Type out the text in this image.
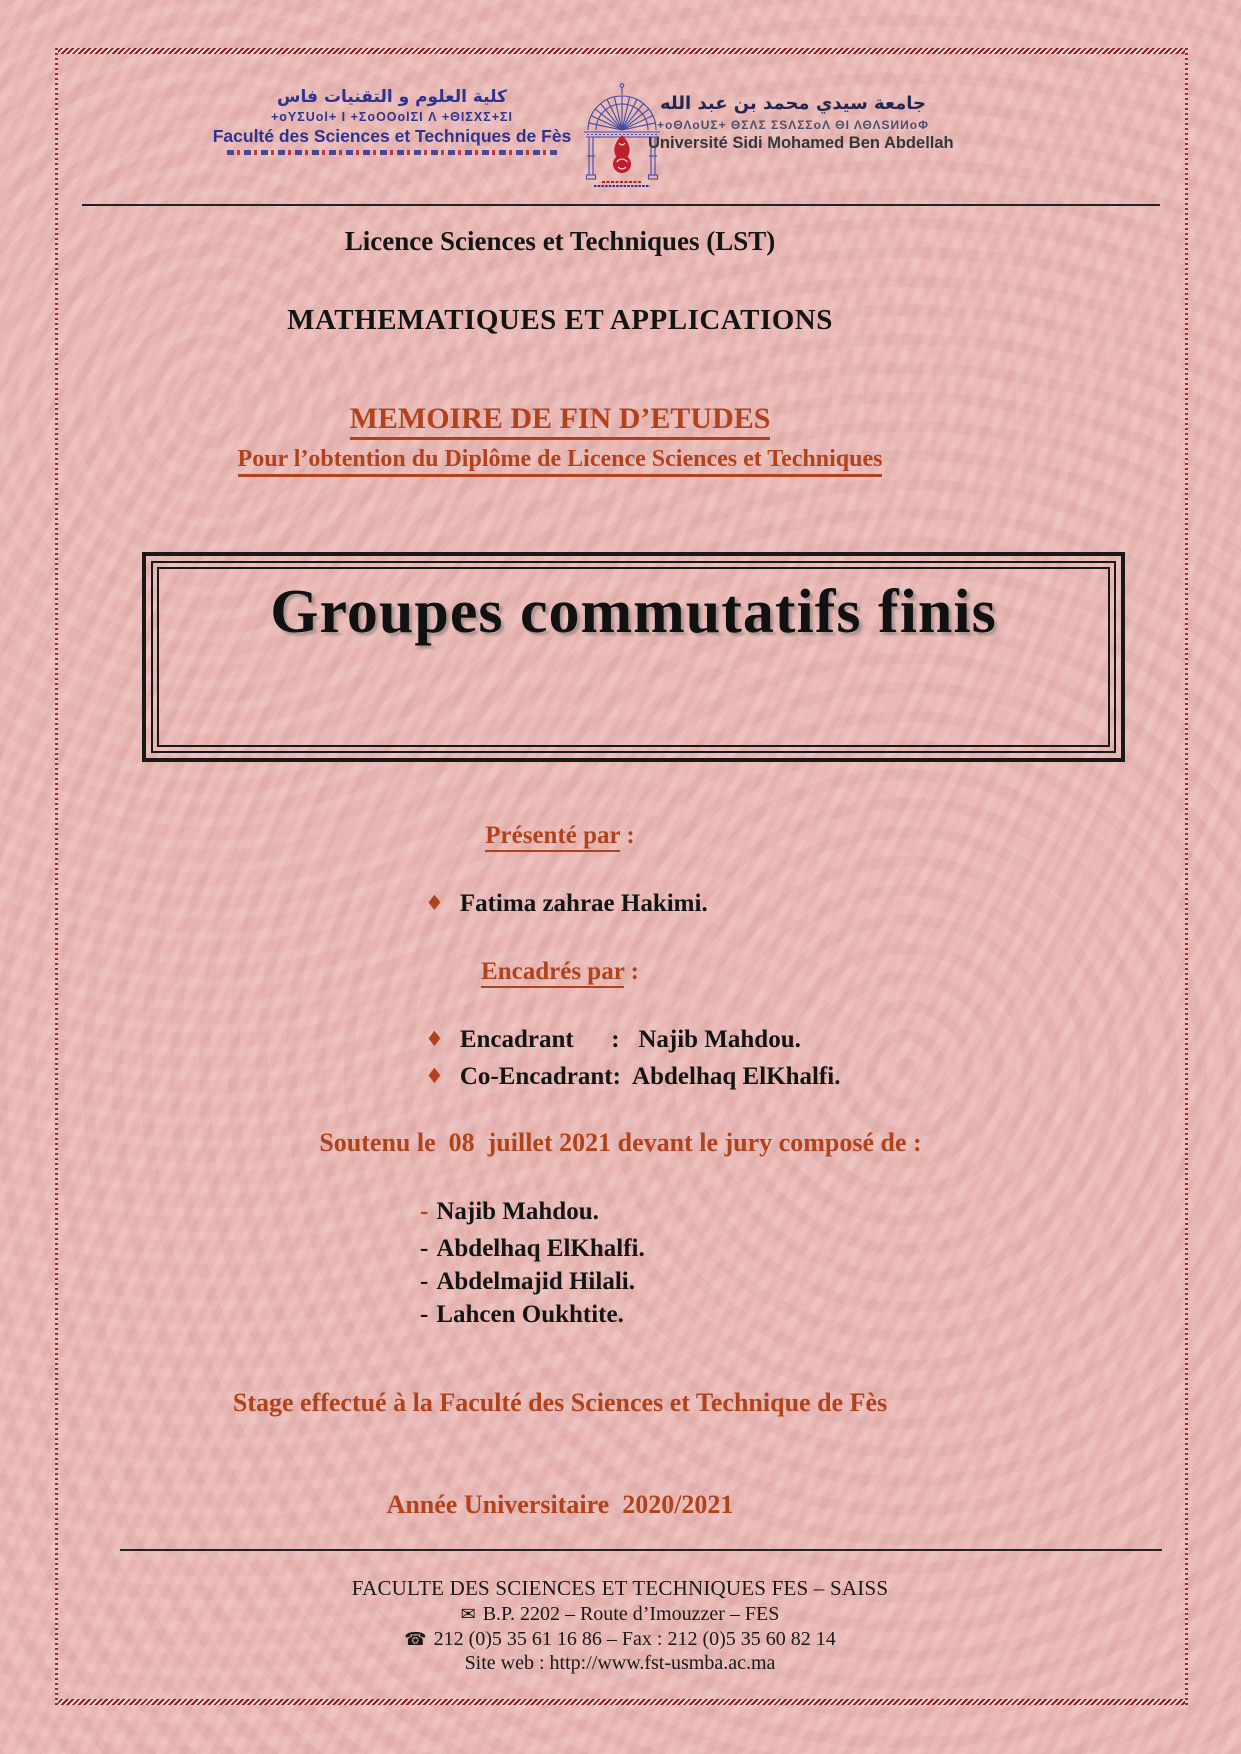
كلية العلوم و التقنيات فاس
+oYΣUol+ I +ΣoOOolΣI Λ +ΘIΣXΣ+ΣI
Faculté des Sciences et Techniques de Fès
جامعة سيدي محمد بن عبد الله
+oΘΛoUΣ+ ΘΣΛΣ ΣSΛΣΣoΛ ΘΙ ΛΘΛSИИoΦ
Université Sidi Mohamed Ben Abdellah
Licence Sciences et Techniques (LST)
MATHEMATIQUES ET APPLICATIONS
MEMOIRE DE FIN D’ETUDES
Pour l’obtention du Diplôme de Licence Sciences et Techniques
Groupes commutatifs finis
Présenté par :
♦ Fatima zahrae Hakimi.
Encadrés par :
♦ Encadrant      :   Najib Mahdou.
♦ Co-Encadrant:  Abdelhaq ElKhalfi.
Soutenu le  08  juillet 2021 devant le jury composé de :
- Najib Mahdou.
- Abdelhaq ElKhalfi.
- Abdelmajid Hilali.
- Lahcen Oukhtite.
Stage effectué à la Faculté des Sciences et Technique de Fès
Année Universitaire  2020/2021
FACULTE DES SCIENCES ET TECHNIQUES FES – SAISS
✉ B.P. 2202 – Route d’Imouzzer – FES
☎ 212 (0)5 35 61 16 86 – Fax : 212 (0)5 35 60 82 14
Site web : http://www.fst-usmba.ac.ma
